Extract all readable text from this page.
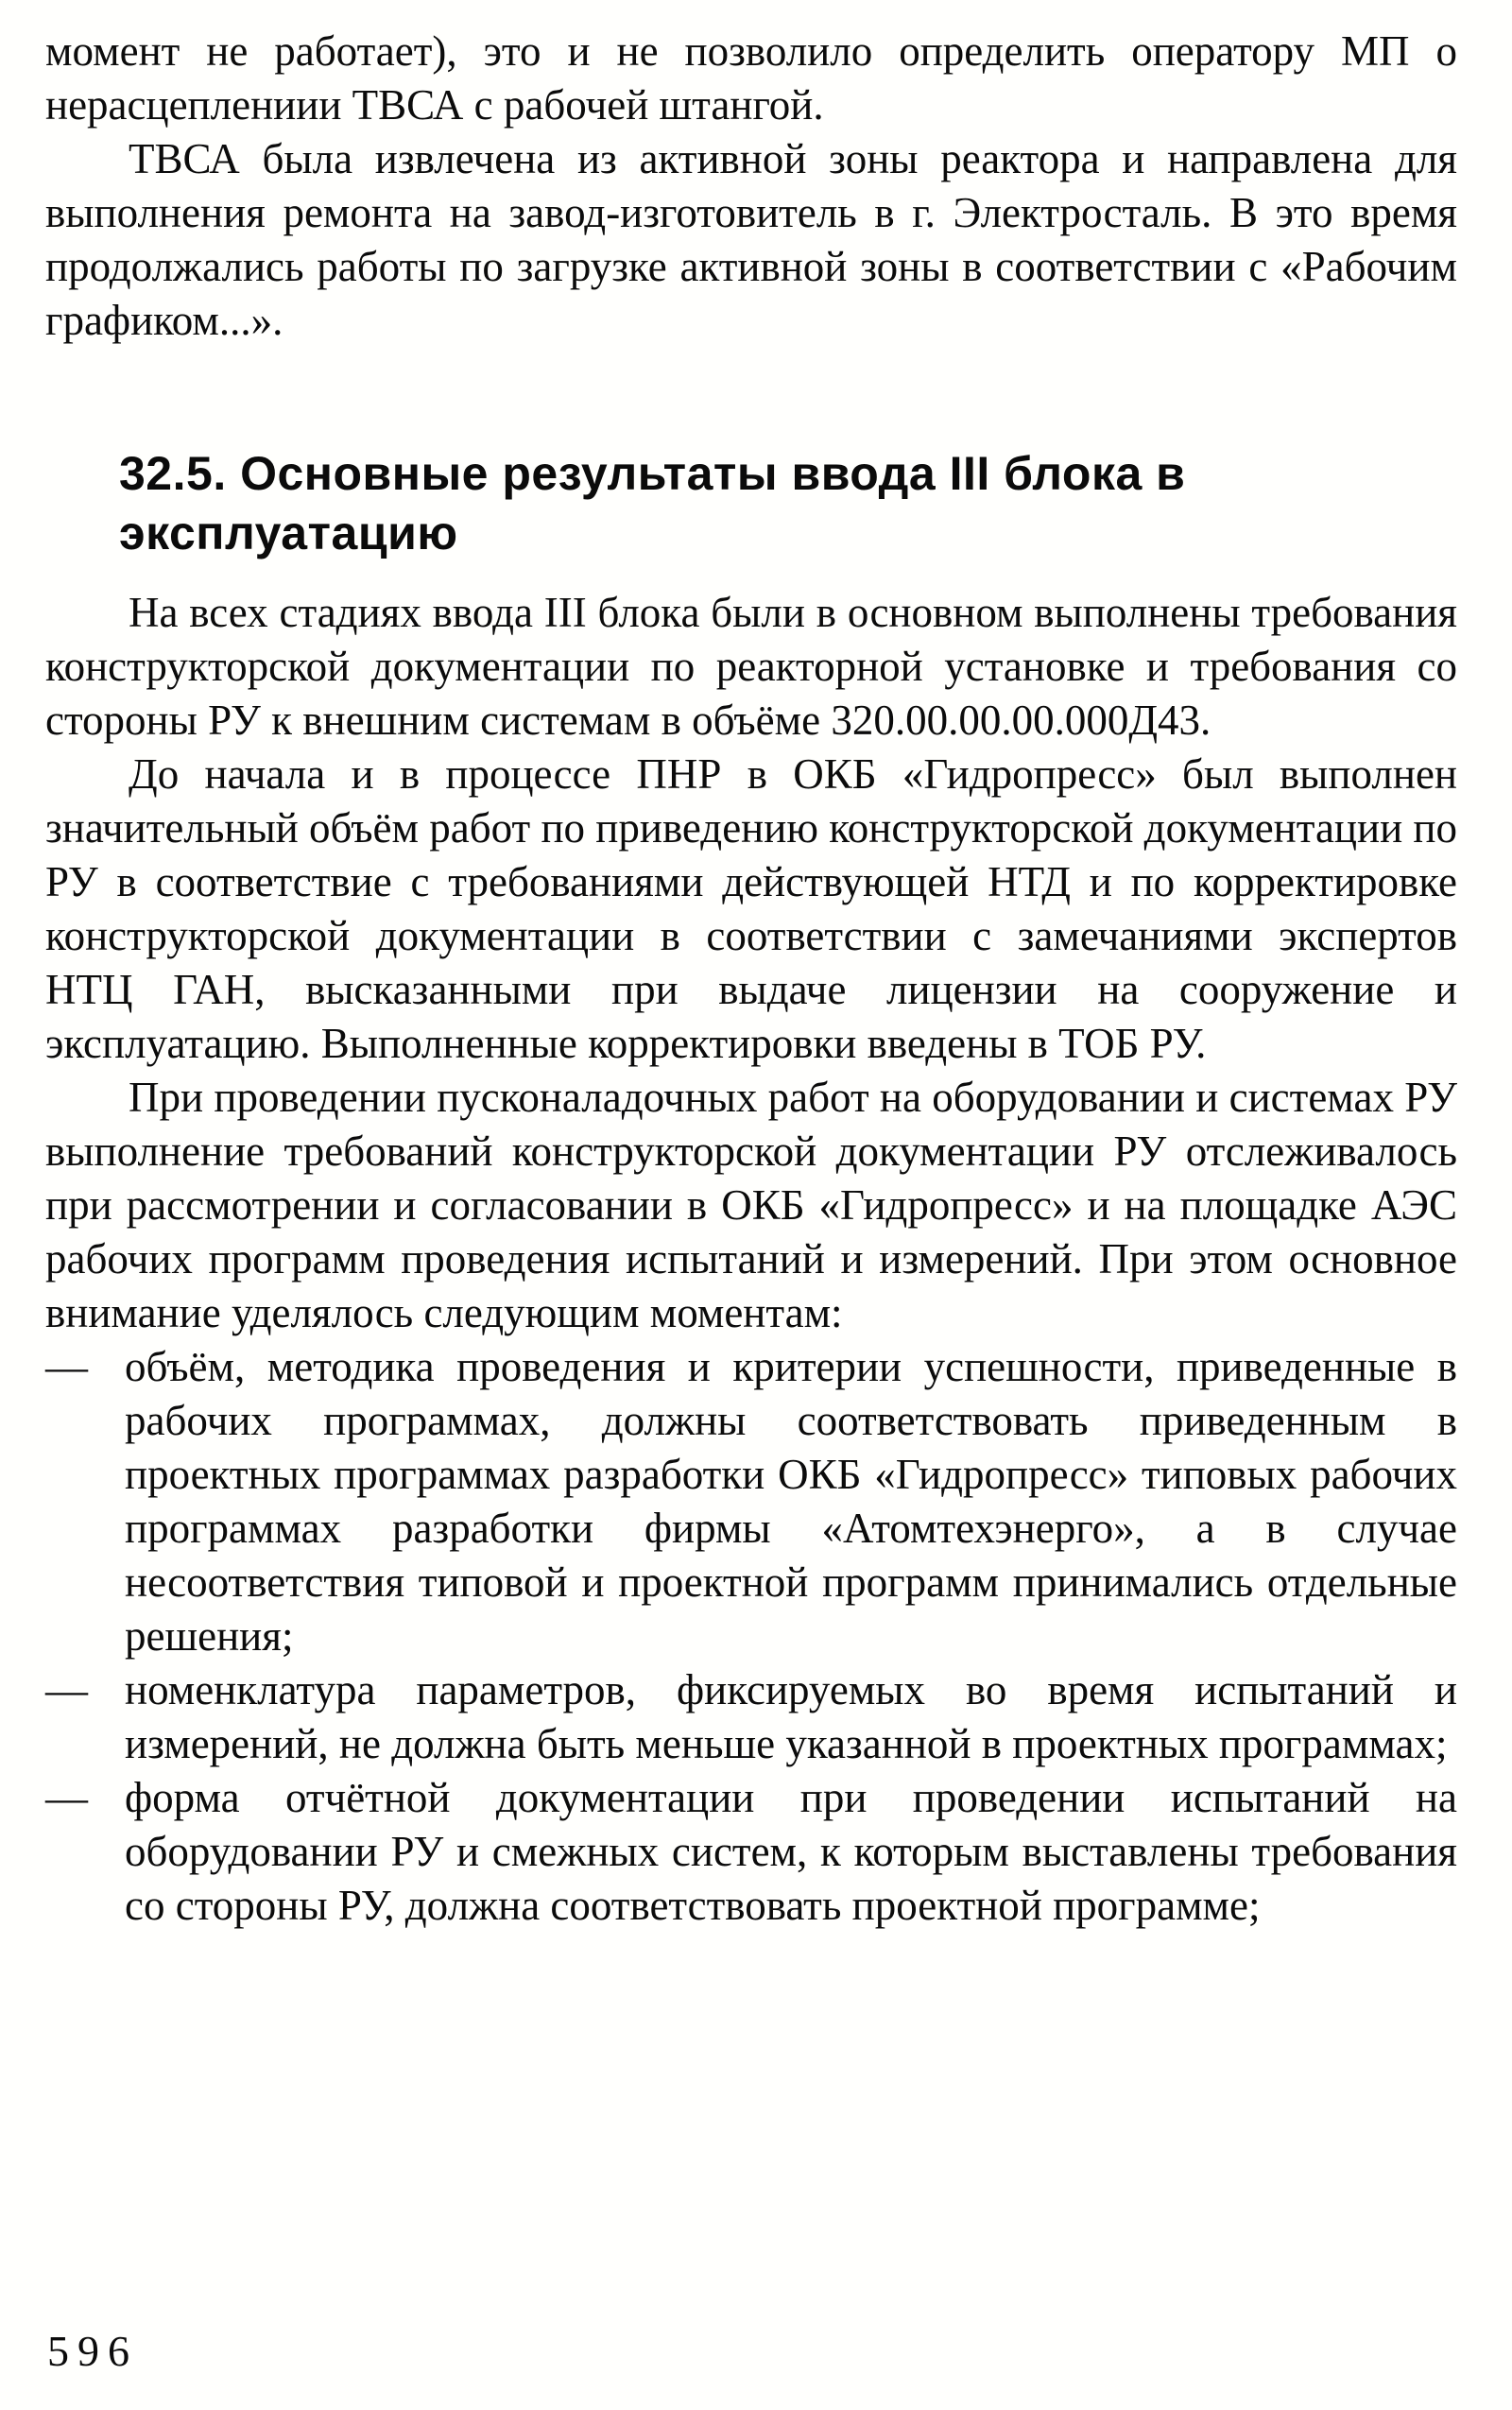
момент не работает), это и не позволило определить оператору МП о нерасцеплениии ТВСА с рабочей штангой.

ТВСА была извлечена из активной зоны реактора и направлена для выполнения ремонта на завод-изготовитель в г. Электросталь. В это время продолжались работы по загрузке активной зоны в соответствии с «Рабочим графиком...».

32.5. Основные результаты ввода III блока в эксплуатацию

На всех стадиях ввода III блока были в основном выполнены требования конструкторской документации по реакторной установке и требования со стороны РУ к внешним системам в объёме 320.00.00.00.000Д43.

До начала и в процессе ПНР в ОКБ «Гидропресс» был выполнен значительный объём работ по приведению конструкторской документации по РУ в соответствие с требованиями действующей НТД и по корректировке конструкторской документации в соответствии с замечаниями экспертов НТЦ ГАН, высказанными при выдаче лицензии на сооружение и эксплуатацию. Выполненные корректировки введены в ТОБ РУ.

При проведении пусконаладочных работ на оборудовании и системах РУ выполнение требований конструкторской документации РУ отслеживалось при рассмотрении и согласовании в ОКБ «Гидропресс» и на площадке АЭС рабочих программ проведения испытаний и измерений. При этом основное внимание уделялось следующим моментам:

— объём, методика проведения и критерии успешности, приведенные в рабочих программах, должны соответствовать приведенным в проектных программах разработки ОКБ «Гидропресс» типовых рабочих программах разработки фирмы «Атомтехэнерго», а в случае несоответствия типовой и проектной программ принимались отдельные решения;
— номенклатура параметров, фиксируемых во время испытаний и измерений, не должна быть меньше указанной в проектных программах;
— форма отчётной документации при проведении испытаний на оборудовании РУ и смежных систем, к которым выставлены требования со стороны РУ, должна соответствовать проектной программе;
596
